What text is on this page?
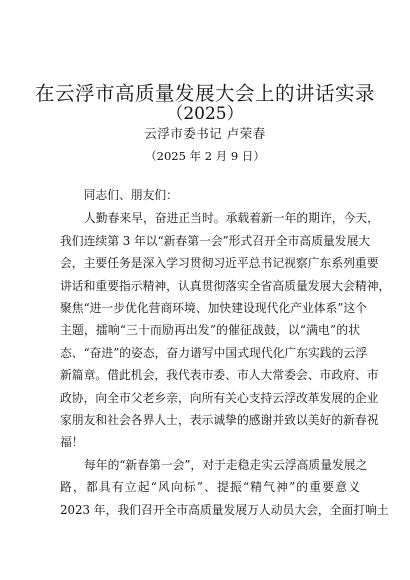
在云浮市高质量发展大会上的讲话实录
（2025）
云浮市委书记 卢荣春
（2025 年 2 月 9 日）

同志们、朋友们：

人勤春来早，奋进正当时。承载着新一年的期许，今天，
我们连续第 3 年以“新春第一会”形式召开全市高质量发展大
会，主要任务是深入学习贯彻习近平总书记视察广东系列重要
讲话和重要指示精神，认真贯彻落实全省高质量发展大会精神，
聚焦“进一步优化营商环境、加快建设现代化产业体系”这个
主题，擂响“三十而励再出发”的催征战鼓，以“满电”的状
态、“奋进”的姿态，奋力谱写中国式现代化广东实践的云浮
新篇章。借此机会，我代表市委、市人大常委会、市政府、市
政协，向全市父老乡亲，向所有关心支持云浮改革发展的企业
家朋友和社会各界人士，表示诚挚的感谢并致以美好的新春祝
福！

每年的“新春第一会”，对于走稳走实云浮高质量发展之
路，都具有立起“风向标”、提振“精气神”的重要意义
2023 年，我们召开全市高质量发展万人动员大会，全面打响土
